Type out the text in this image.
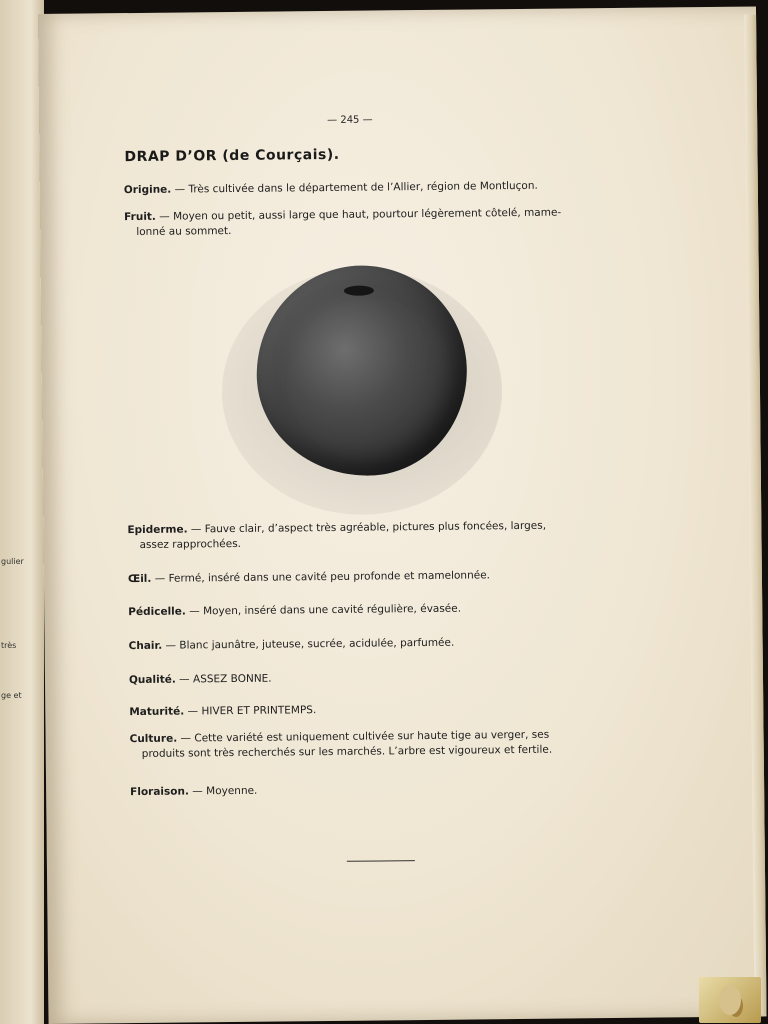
gulier
très
ge et
— 245 —
DRAP D’OR (de Courçais).
Origine. — Très cultivée dans le département de l’Allier, région de Montluçon.
Fruit. — Moyen ou petit, aussi large que haut, pourtour légèrement côtelé, mame-
lonné au sommet.
Epiderme. — Fauve clair, d’aspect très agréable, pictures plus foncées, larges,
assez rapprochées.
Œil. — Fermé, inséré dans une cavité peu profonde et mamelonnée.
Pédicelle. — Moyen, inséré dans une cavité régulière, évasée.
Chair. — Blanc jaunâtre, juteuse, sucrée, acidulée, parfumée.
Qualité. — ASSEZ BONNE.
Maturité. — HIVER ET PRINTEMPS.
Culture. — Cette variété est uniquement cultivée sur haute tige au verger, ses
produits sont très recherchés sur les marchés. L’arbre est vigoureux et fertile.
Floraison. — Moyenne.
